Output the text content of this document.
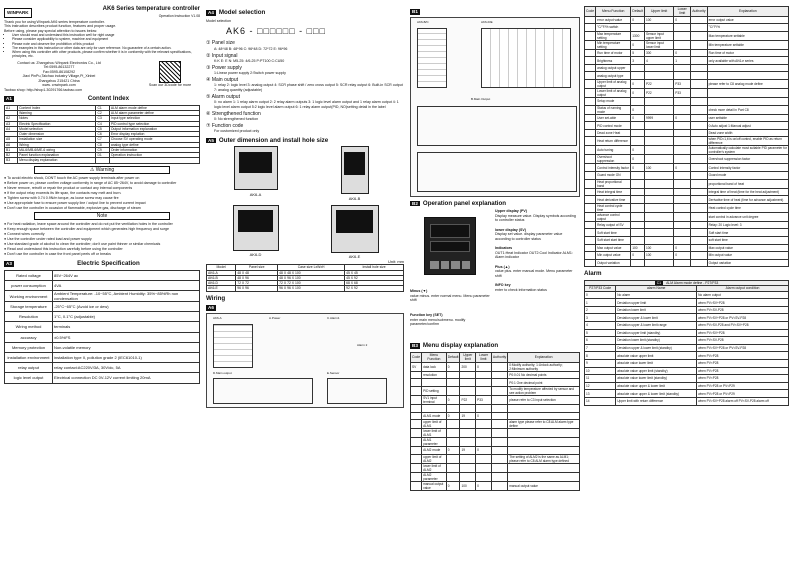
WINPARK
AK6 Series temperature controller
Operation Instruction V1.08
Thank you for using Winpark AK6 series temperature controller.
This instruction describes product function, features and proper usage.
Before using, please pay special attention to issues below:
• User should read and understand this instruction well for right usage
• Please consider applicability to system, machine and equipment
• Please note and observe the prohibition of this product
• The examples in this instruction or other data are only for user reference. No guarantee of a certain action.
• When using this controller with other products, please confirm whether it is in conformity with the relevant specifications, principles, etc.
Contact us: Zhangzhou Winpark Electronics Co., Ltd
Tel:0595-86132277
Fax:0595-86108292
Jiaxi PinPu,Taichao industry Village,Pi_Xinbei
Zhangzhou 215421 China
www. cnwinpark.com	Scan our 3Dcode for more
Taobao shop: http://shop1.30291766.taobao.com
A1	Content Index
A1	Content Index	C1	ALM alarm mode define
	Warning	C2	ALM alarm parameter define
A2	Notes	C3	Input type selection
A3	Electric Specification	C4	PID control type selection
A4	Model selection	C5	Output information explanation
	Outer dimension	C6	Error display explation
A5	Installation size	C7	Choose SV operating mode
A6	Wiring	C8	analog type define
B1	MA-6/MB-6/ME-6 wiring	C9	Order information
B2	Panel function explanation	D1	Operation instruction
B3	Menu display explanation		
⚠ Warning
● To avoid electric shock, DON'T touch the AC power supply terminals after power on
● Before power on, please confirm voltage conformity in range of AC 85~264V, to avoid damage to controller
● Never remove, retrofit or repair the product or contact any internal components
● If the output relay exceeds its life span, the contacts may melt and burn.
● Tighten screw with 0.74 0.9N/m torque, as loose screw may cause fire
● Use appropriate fuse to ensure power supply line / output line to prevent current impact
● Don't use the controller in occasion of flammable, explosive gas, discharge of steam
Note
● For heat radiation, leave space around the controller and do not put the ventilation holes in the controller
● Keep enough space between the controller and equipment which generates high frequency and surge
● Connect wires correctly
● Use the controller under rated load and power supply
● Use standard grade of alcohol to clean the controller; don't use paint thinner or similar chemicals
● Read and understand this instruction carefully before using the controller
● Don't use the controller in case the front panel peels off or breaks
A3	Electric Specification
Rated voltage	85V~264V ac
power consumption	4VA
Working environment	Ambient Temperature: -10~55°C, Ambient Humidity: 35%~85%Rh non condensation
Storage temperature	-25°C~65°C (Avoid ice or dew)
Resolution	1°C, 0.1°C (adjustable)
Wiring method	terminals
accuracy	±0.5%FS
Memory protection	Non-volatile memory
installation environment	installation type II, pollution grade 2 (IEC61010-1)
relay output	relay contact:AC220V/3A, 30V/dc, 5A
logic level output	Electrical connection DC 0V-12V current limiting 20mA
A4 Model selection
Model selection
AK6 - □□□□□□ - □□□
① Panel size
A: 48*48 B: 48*96 C: 96*48 D: 72*72 E: 96*96
② Input signal
K:K E: E N: M5-25: 4/6-25 P:PT100 C:CU50
③ Power supply
1:Linear power supply 2:Switch power supply
④ Main output
1: relay 2: logic level 3: analog output 4: SCR phase shift / zero cross output 5: SCR relay output 6: Built-in SCR output 7: analog quantity (adjustable)
⑤ Alarm output
0: no alarm 1: 1 relay alarm output 2: 2 relay alarm outputs 3: 1 logic level alarm output and 1 relay alarm output 4: 1 logic level alarm output 5:2 logic level alarm output 6: 1 relay alarm output(PID, NO)setting detail in the label
⑥ Strengthened function
0: No strengthened function
⑦ Function code
For customized product only
A5 Outer dimension and install hole size
AK6-A
AK6-B
AK6-D	AK6-E
Unit: mm
Model	Panel size	Case size LxWxH	Install hole size
AK6-A	48 X 48	48 X 48 X 100	45 X 45
AK6-B	48 X 96	48 X 96 X 100	45 X 92
AK6-D	72 X 72	72 X 72 X 100	68 X 68
AK6-E	96 X 96	96 X 96 X 100	92 X 92
Wiring
A6
AK6-A	A.Power	C.Alarm1
Alarm 2
D.Main output	E.Sensor
B1
AK6-B/C	AK6-D/E
B.Main Output
B2 Operation panel explanation
Minus (▼)
value minus. enter normal menu. Menu parameter shift
Function key (SET)
enter main menu/submenu. modify parameter/confirm
Upper display (PV)
Display measure value. Display symbols according to controller status
lower display (SV)
Display set value. display parameter value according to controller status
Indicators
OUT1:Heat Indicator OUT2:Cool Indicator ALM1: Alarm indicator
Plus (▲)
value plus. enter manual mode. Menu parameter shift
INFO key
enter to check information status
B3 Menu display explanation
Code	Menu Function	Default	Upper limit	Lower limit	Authority	Explanation
SV	data lock	0	200	0		0:Modify authority; 1:Unlock authority; 2:Minimum authority
	resolution					P0:0.01 No decimal points
						P0:1 One decimal point
	PID setting					To modify temperature affected by sensor and see action problem
	SV1 input terminal	0	P22	P33		please refer to C3 input selection

	ALM1 mode	0	19	0		
	upper limit of ALM1					alarm type please refer to C8 ALM alarm type define
	lower limit of ALM1					
	ALM1 parameter					
	ALM2 mode	0	19	0		
	upper limit of ALM2					The setting of ALM2 is the same as ALM1; please refer to C8 ALM alarm type defined
	lower limit of ALM2					
	ALM2 parameter					
	manual output value	0	100	0		manual output value
Code	Menu Function	Default	Upper limit	Lower limit	Authority	Explanation
	error output value	0	100	0		error output value
	°C/°F/% switch					°C/°F/%
	Max temperature setting	1300	Sensor input upper limit			Max temperature settable
	Min temperature setting	0	Sensor input lower limit			Min temperature settable
	Run time of motor	5	300	0		Run time of motor
	Brightness	3	4	1		only available with AK6-e series
	analog output upper					
	analog output type					
	Upper limit of analog output	0	P22	P33		please refer to C8 analog mode define
	Lower limit of analog output	0	P22	P33		
	Setup mode					
	Status of running mode	0				check more detail in Part C8
	User set-able	0	9999	0		user settable
	PID control mode					0:Auto adjust 1:Manual adjust
	Dead zone Heat					Dead zone width
	Heat return difference					when PID=1,it is on/off control, enable PID as return difference
	Auto tuning	0				Automatically calculate most suitable PID parameter for controller's system
	Overshoot suppression	0				Overshoot suppression factor
	Control intensity factor	0	100	0		Control intensity factor
	Guard mode ON					Guard mode
	Heat proportional band					proportional band of heat
	Heat integral time					integral time of heat (time for the heat adjustment)
	Heat derivative time					Derivative time of heat (time for advance adjustment)
	Heat control cycle time					Heat control cycle time
	advance control output					start control in advance unit degree
	Relay output of SV					Relay: 20 Logic level: 3
	Soft start time					Soft start time
	Soft start start time					soft start time
	Max output value	100	100	0		Max output value
	Min output value	0	100	0		Min output value
	Output variation					Output variation
Alarm
C1 ALM Alarm mode define - P27/P33		
P27/P33 Code	alarm Name	Alarm output condition
0	No alarm	No alarm output
1	Deviation upper limit	when PV>SV+P28
2	Deviation lower limit	when PV<SV-P28
3	Deviation upper & lower limit	when PV>SV+P28 or PV<SV-P28
4	Deviation upper & lower limit range	when PV>SV-P28 and PV<SV+P28
5	Deviation upper limit (standby)	when PV>SV+P28
6	Deviation lower limit (standby)	when PV<SV-P28
7	Deviation upper & lower limit (standby)	when PV>SV+P28 or PV<SV-P28
8	absolute value upper limit	when PV>P28
9	absolute value lower limit	when PV<P28
10	absolute value upper limit (standby)	when PV>P28
11	absolute value lower limit (standby)	when PV<P28
12	absolute value upper & lower limit	when PV>P28 or PV<P29
13	absolute value upper & lower limit (standby)	when PV>P28 or PV<P29
14	Upper limit with return difference	when PV>SV+P28 alarm off PV<SV-P28 alarm off
